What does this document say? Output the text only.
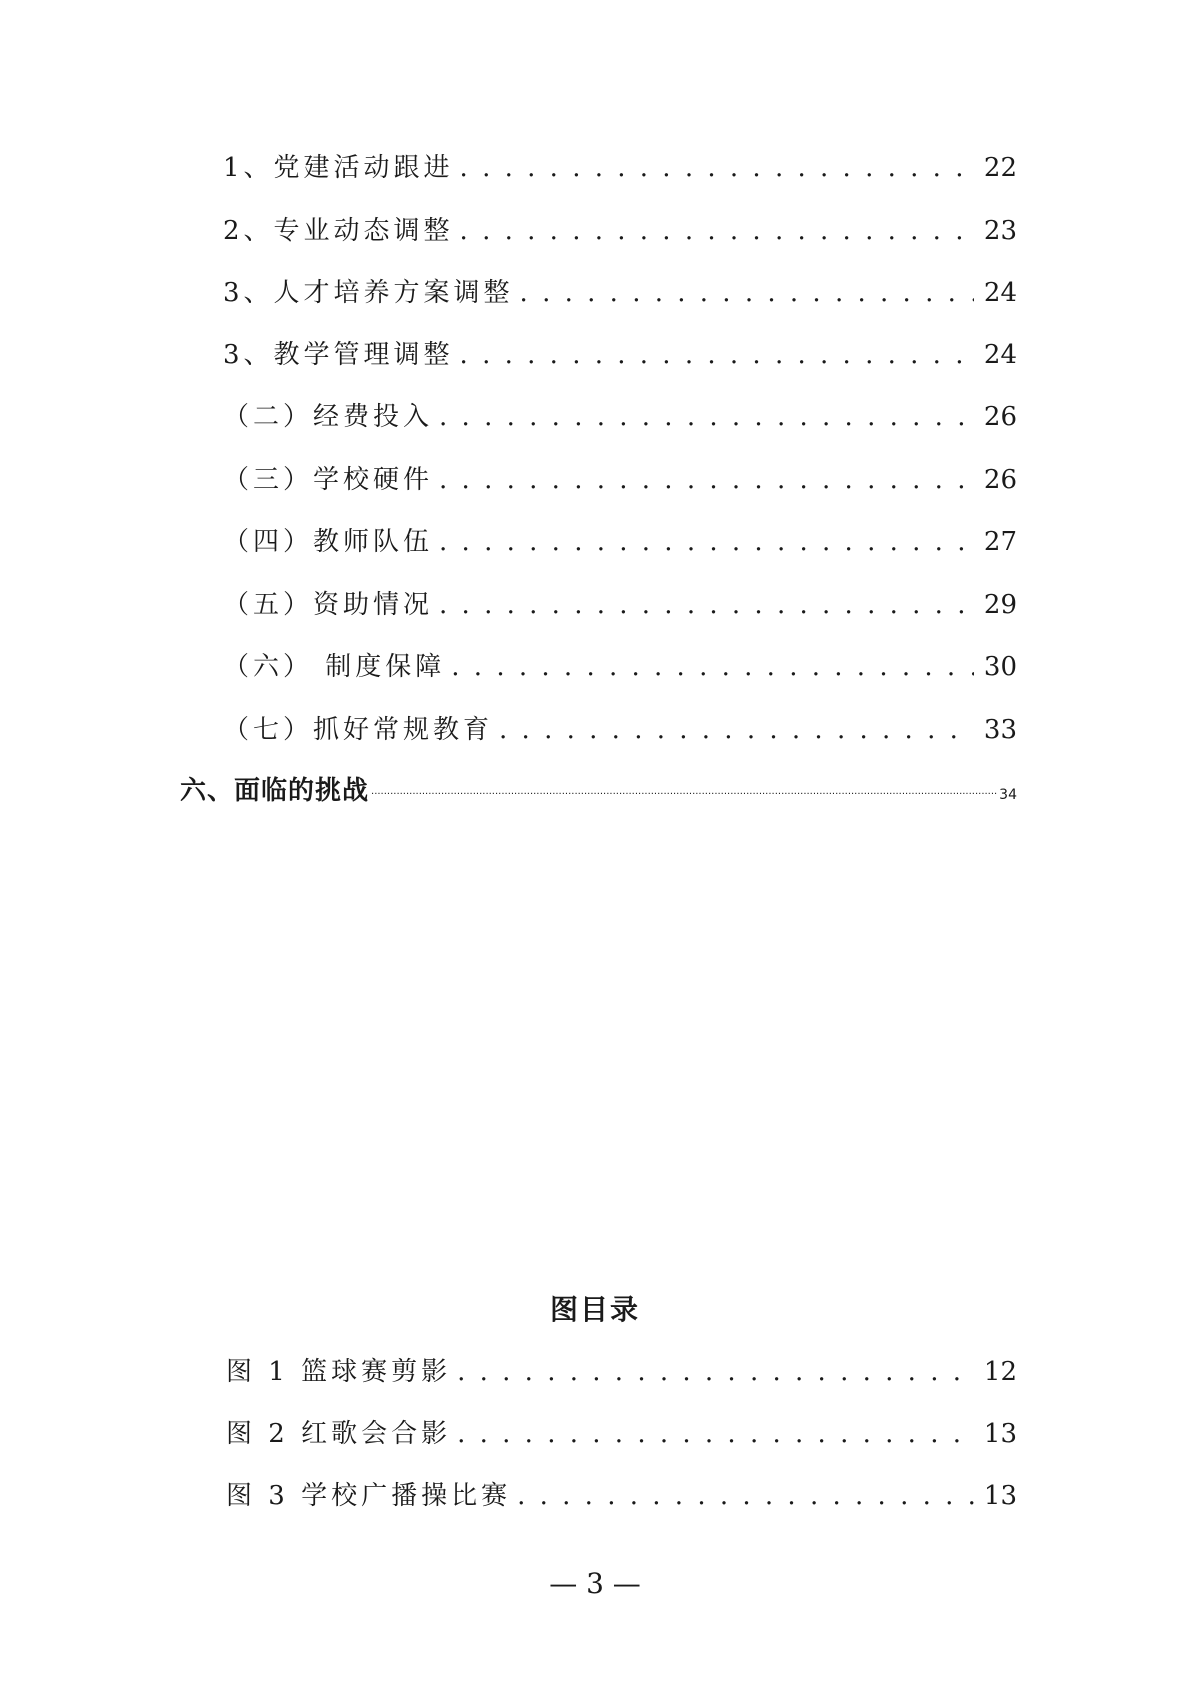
1、党建活动跟进 . . .	22
2、专业动态调整 . . .	23
3、人才培养方案调整 . . .	24
3、教学管理调整 . . .	24
（二）经费投入 . . .	26
（三）学校硬件 . . .	26
（四）教师队伍 . . .	27
（五）资助情况 . . .	29
（六） 制度保障 . . .	30
（七）抓好常规教育 . . .	33
六、面临的挑战 .....	34
图目录
图 1 篮球赛剪影 . . .	12
图 2 红歌会合影 . . .	13
图 3 学校广播操比赛 . . .	13
— 3 —
